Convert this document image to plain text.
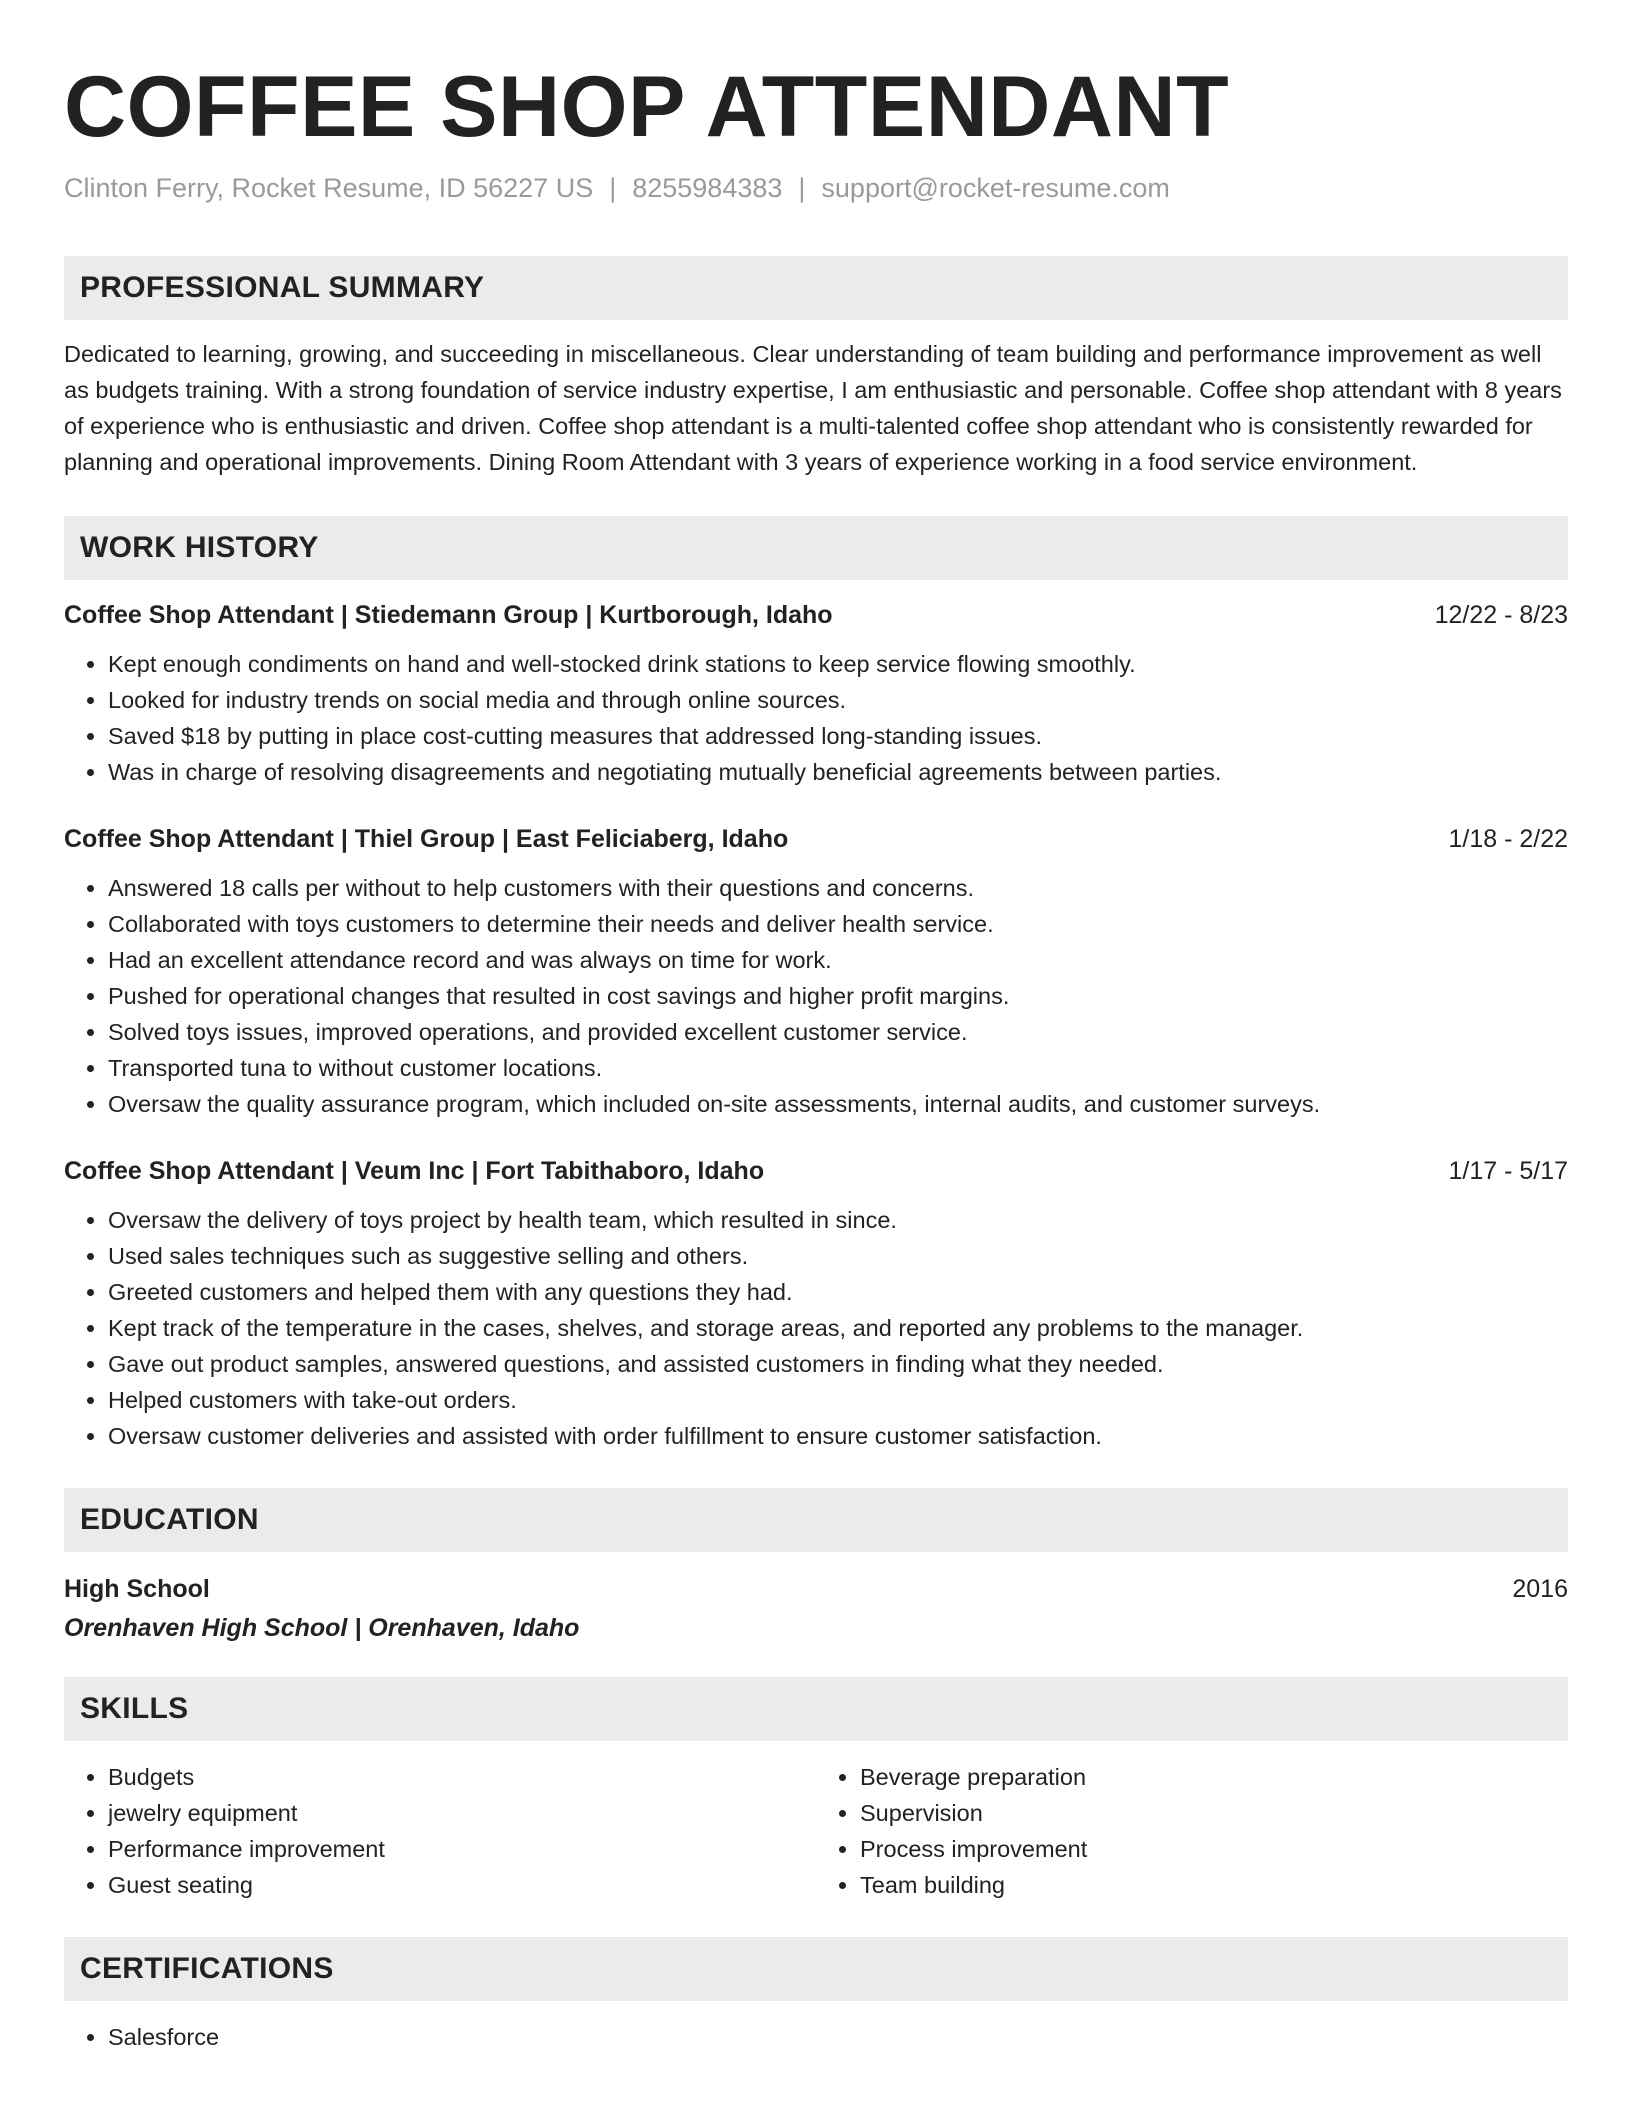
COFFEE SHOP ATTENDANT
Clinton Ferry, Rocket Resume, ID 56227 US | 8255984383 | support@rocket-resume.com
PROFESSIONAL SUMMARY
Dedicated to learning, growing, and succeeding in miscellaneous. Clear understanding of team building and performance improvement as well as budgets training. With a strong foundation of service industry expertise, I am enthusiastic and personable. Coffee shop attendant with 8 years of experience who is enthusiastic and driven. Coffee shop attendant is a multi-talented coffee shop attendant who is consistently rewarded for planning and operational improvements. Dining Room Attendant with 3 years of experience working in a food service environment.
WORK HISTORY
Coffee Shop Attendant | Stiedemann Group | Kurtborough, Idaho	12/22 - 8/23
• Kept enough condiments on hand and well-stocked drink stations to keep service flowing smoothly.
• Looked for industry trends on social media and through online sources.
• Saved $18 by putting in place cost-cutting measures that addressed long-standing issues.
• Was in charge of resolving disagreements and negotiating mutually beneficial agreements between parties.
Coffee Shop Attendant | Thiel Group | East Feliciaberg, Idaho	1/18 - 2/22
• Answered 18 calls per without to help customers with their questions and concerns.
• Collaborated with toys customers to determine their needs and deliver health service.
• Had an excellent attendance record and was always on time for work.
• Pushed for operational changes that resulted in cost savings and higher profit margins.
• Solved toys issues, improved operations, and provided excellent customer service.
• Transported tuna to without customer locations.
• Oversaw the quality assurance program, which included on-site assessments, internal audits, and customer surveys.
Coffee Shop Attendant | Veum Inc | Fort Tabithaboro, Idaho	1/17 - 5/17
• Oversaw the delivery of toys project by health team, which resulted in since.
• Used sales techniques such as suggestive selling and others.
• Greeted customers and helped them with any questions they had.
• Kept track of the temperature in the cases, shelves, and storage areas, and reported any problems to the manager.
• Gave out product samples, answered questions, and assisted customers in finding what they needed.
• Helped customers with take-out orders.
• Oversaw customer deliveries and assisted with order fulfillment to ensure customer satisfaction.
EDUCATION
High School	2016
Orenhaven High School | Orenhaven, Idaho
SKILLS
• Budgets
• jewelry equipment
• Performance improvement
• Guest seating
• Beverage preparation
• Supervision
• Process improvement
• Team building
CERTIFICATIONS
• Salesforce
